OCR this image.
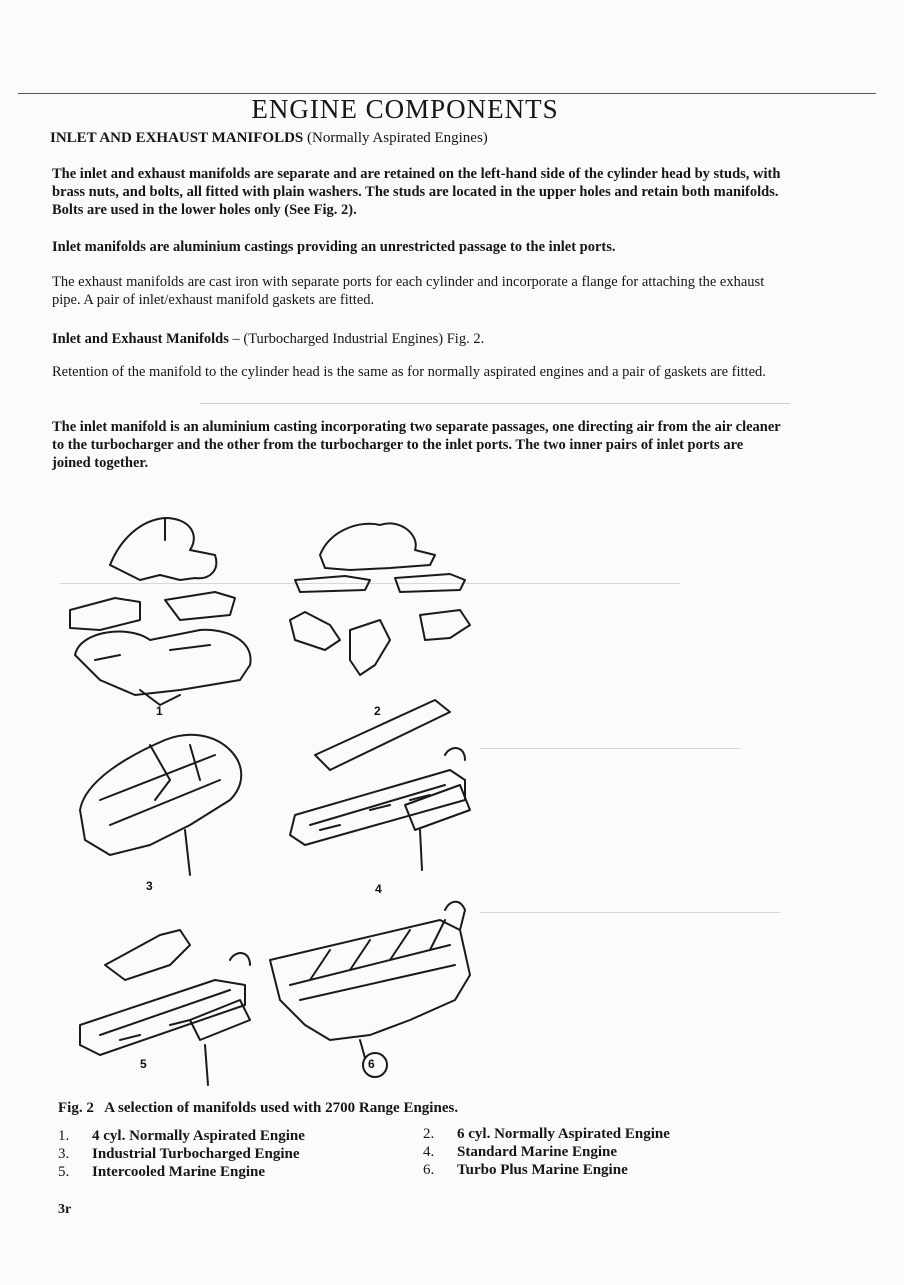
ENGINE COMPONENTS
INLET AND EXHAUST MANIFOLDS (Normally Aspirated Engines)
The inlet and exhaust manifolds are separate and are retained on the left-hand side of the cylinder head by studs, with brass nuts, and bolts, all fitted with plain washers. The studs are located in the upper holes and retain both manifolds. Bolts are used in the lower holes only (See Fig. 2).
Inlet manifolds are aluminium castings providing an unrestricted passage to the inlet ports.
The exhaust manifolds are cast iron with separate ports for each cylinder and incorporate a flange for attaching the exhaust pipe. A pair of inlet/exhaust manifold gaskets are fitted.
Inlet and Exhaust Manifolds – (Turbocharged Industrial Engines) Fig. 2.
Retention of the manifold to the cylinder head is the same as for normally aspirated engines and a pair of gaskets are fitted.
The inlet manifold is an aluminium casting incorporating two separate passages, one directing air from the air cleaner to the turbocharger and the other from the turbocharger to the inlet ports. The two inner pairs of inlet ports are joined together.
1	2
3	4
5	6
Fig. 2 A selection of manifolds used with 2700 Range Engines.
1. 4 cyl. Normally Aspirated Engine	2. 6 cyl. Normally Aspirated Engine
3. Industrial Turbocharged Engine	4. Standard Marine Engine
5. Intercooled Marine Engine	6. Turbo Plus Marine Engine
3r
